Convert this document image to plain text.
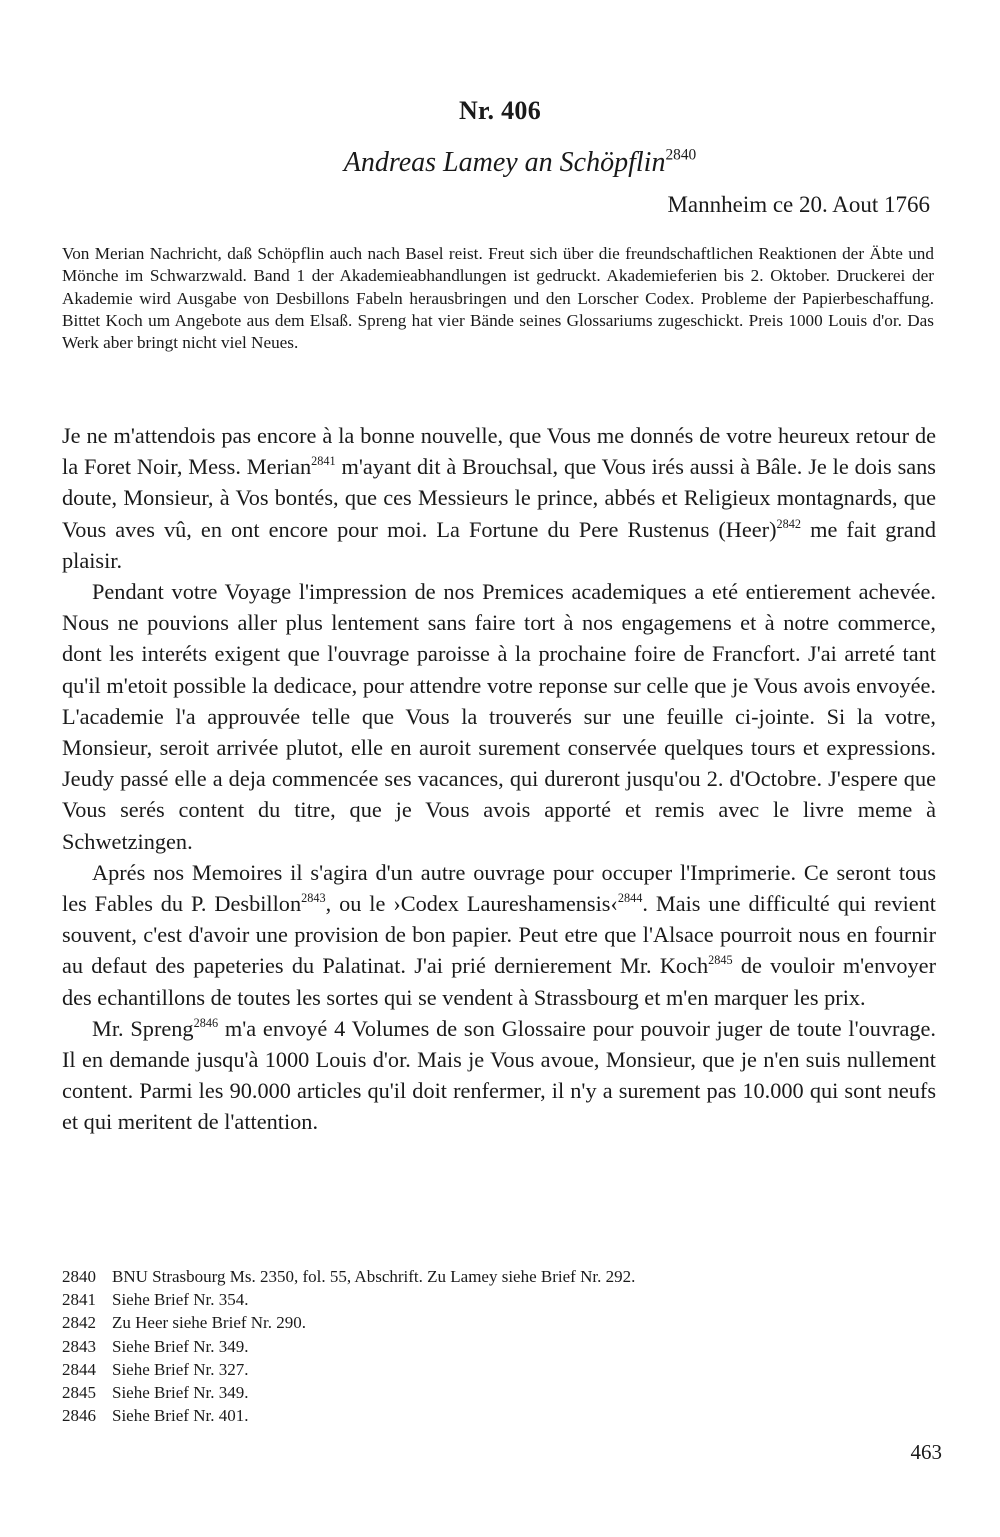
Nr. 406
Andreas Lamey an Schöpflin$^{2840}$
Mannheim ce 20. Aout 1766
Von Merian Nachricht, daß Schöpflin auch nach Basel reist. Freut sich über die freundschaftlichen Reaktionen der Äbte und Mönche im Schwarzwald. Band 1 der Akademieabhandlungen ist gedruckt. Akademieferien bis 2. Oktober. Druckerei der Akademie wird Ausgabe von Desbillons Fabeln herausbringen und den Lorscher Codex. Probleme der Papierbeschaffung. Bittet Koch um Angebote aus dem Elsaß. Spreng hat vier Bände seines Glossariums zugeschickt. Preis 1000 Louis d'or. Das Werk aber bringt nicht viel Neues.

Je ne m'attendois pas encore à la bonne nouvelle, que Vous me donnés de votre heureux retour de la Foret Noir, Mess. Merian$^{2841}$ m'ayant dit à Brouchsal, que Vous irés aussi à Bâle. Je le dois sans doute, Monsieur, à Vos bontés, que ces Messieurs le prince, abbés et Religieux montagnards, que Vous aves vû, en ont encore pour moi. La Fortune du Pere Rustenus (Heer)$^{2842}$ me fait grand plaisir.

Pendant votre Voyage l'impression de nos Premices academiques a eté entierement achevée. Nous ne pouvions aller plus lentement sans faire tort à nos engagemens et à notre commerce, dont les interéts exigent que l'ouvrage paroisse à la prochaine foire de Francfort. J'ai arreté tant qu'il m'etoit possible la dedicace, pour attendre votre reponse sur celle que je Vous avois envoyée. L'academie l'a approuvée telle que Vous la trouverés sur une feuille ci-jointe. Si la votre, Monsieur, seroit arrivée plutot, elle en auroit surement conservée quelques tours et expressions. Jeudy passé elle a deja commencée ses vacances, qui dureront jusqu'ou 2. d'Octobre. J'espere que Vous serés content du titre, que je Vous avois apporté et remis avec le livre meme à Schwetzingen.

Aprés nos Memoires il s'agira d'un autre ouvrage pour occuper l'Imprimerie. Ce seront tous les Fables du P. Desbillon$^{2843}$, ou le ›Codex Laureshamensis‹$^{2844}$. Mais une difficulté qui revient souvent, c'est d'avoir une provision de bon papier. Peut etre que l'Alsace pourroit nous en fournir au defaut des papeteries du Palatinat. J'ai prié dernierement Mr. Koch$^{2845}$ de vouloir m'envoyer des echantillons de toutes les sortes qui se vendent à Strassbourg et m'en marquer les prix.

Mr. Spreng$^{2846}$ m'a envoyé 4 Volumes de son Glossaire pour pouvoir juger de toute l'ouvrage. Il en demande jusqu'à 1000 Louis d'or. Mais je Vous avoue, Monsieur, que je n'en suis nullement content. Parmi les 90.000 articles qu'il doit renfermer, il n'y a surement pas 10.000 qui sont neufs et qui meritent de l'attention.

2840 BNU Strasbourg Ms. 2350, fol. 55, Abschrift. Zu Lamey siehe Brief Nr. 292.
2841 Siehe Brief Nr. 354.
2842 Zu Heer siehe Brief Nr. 290.
2843 Siehe Brief Nr. 349.
2844 Siehe Brief Nr. 327.
2845 Siehe Brief Nr. 349.
2846 Siehe Brief Nr. 401.
463
